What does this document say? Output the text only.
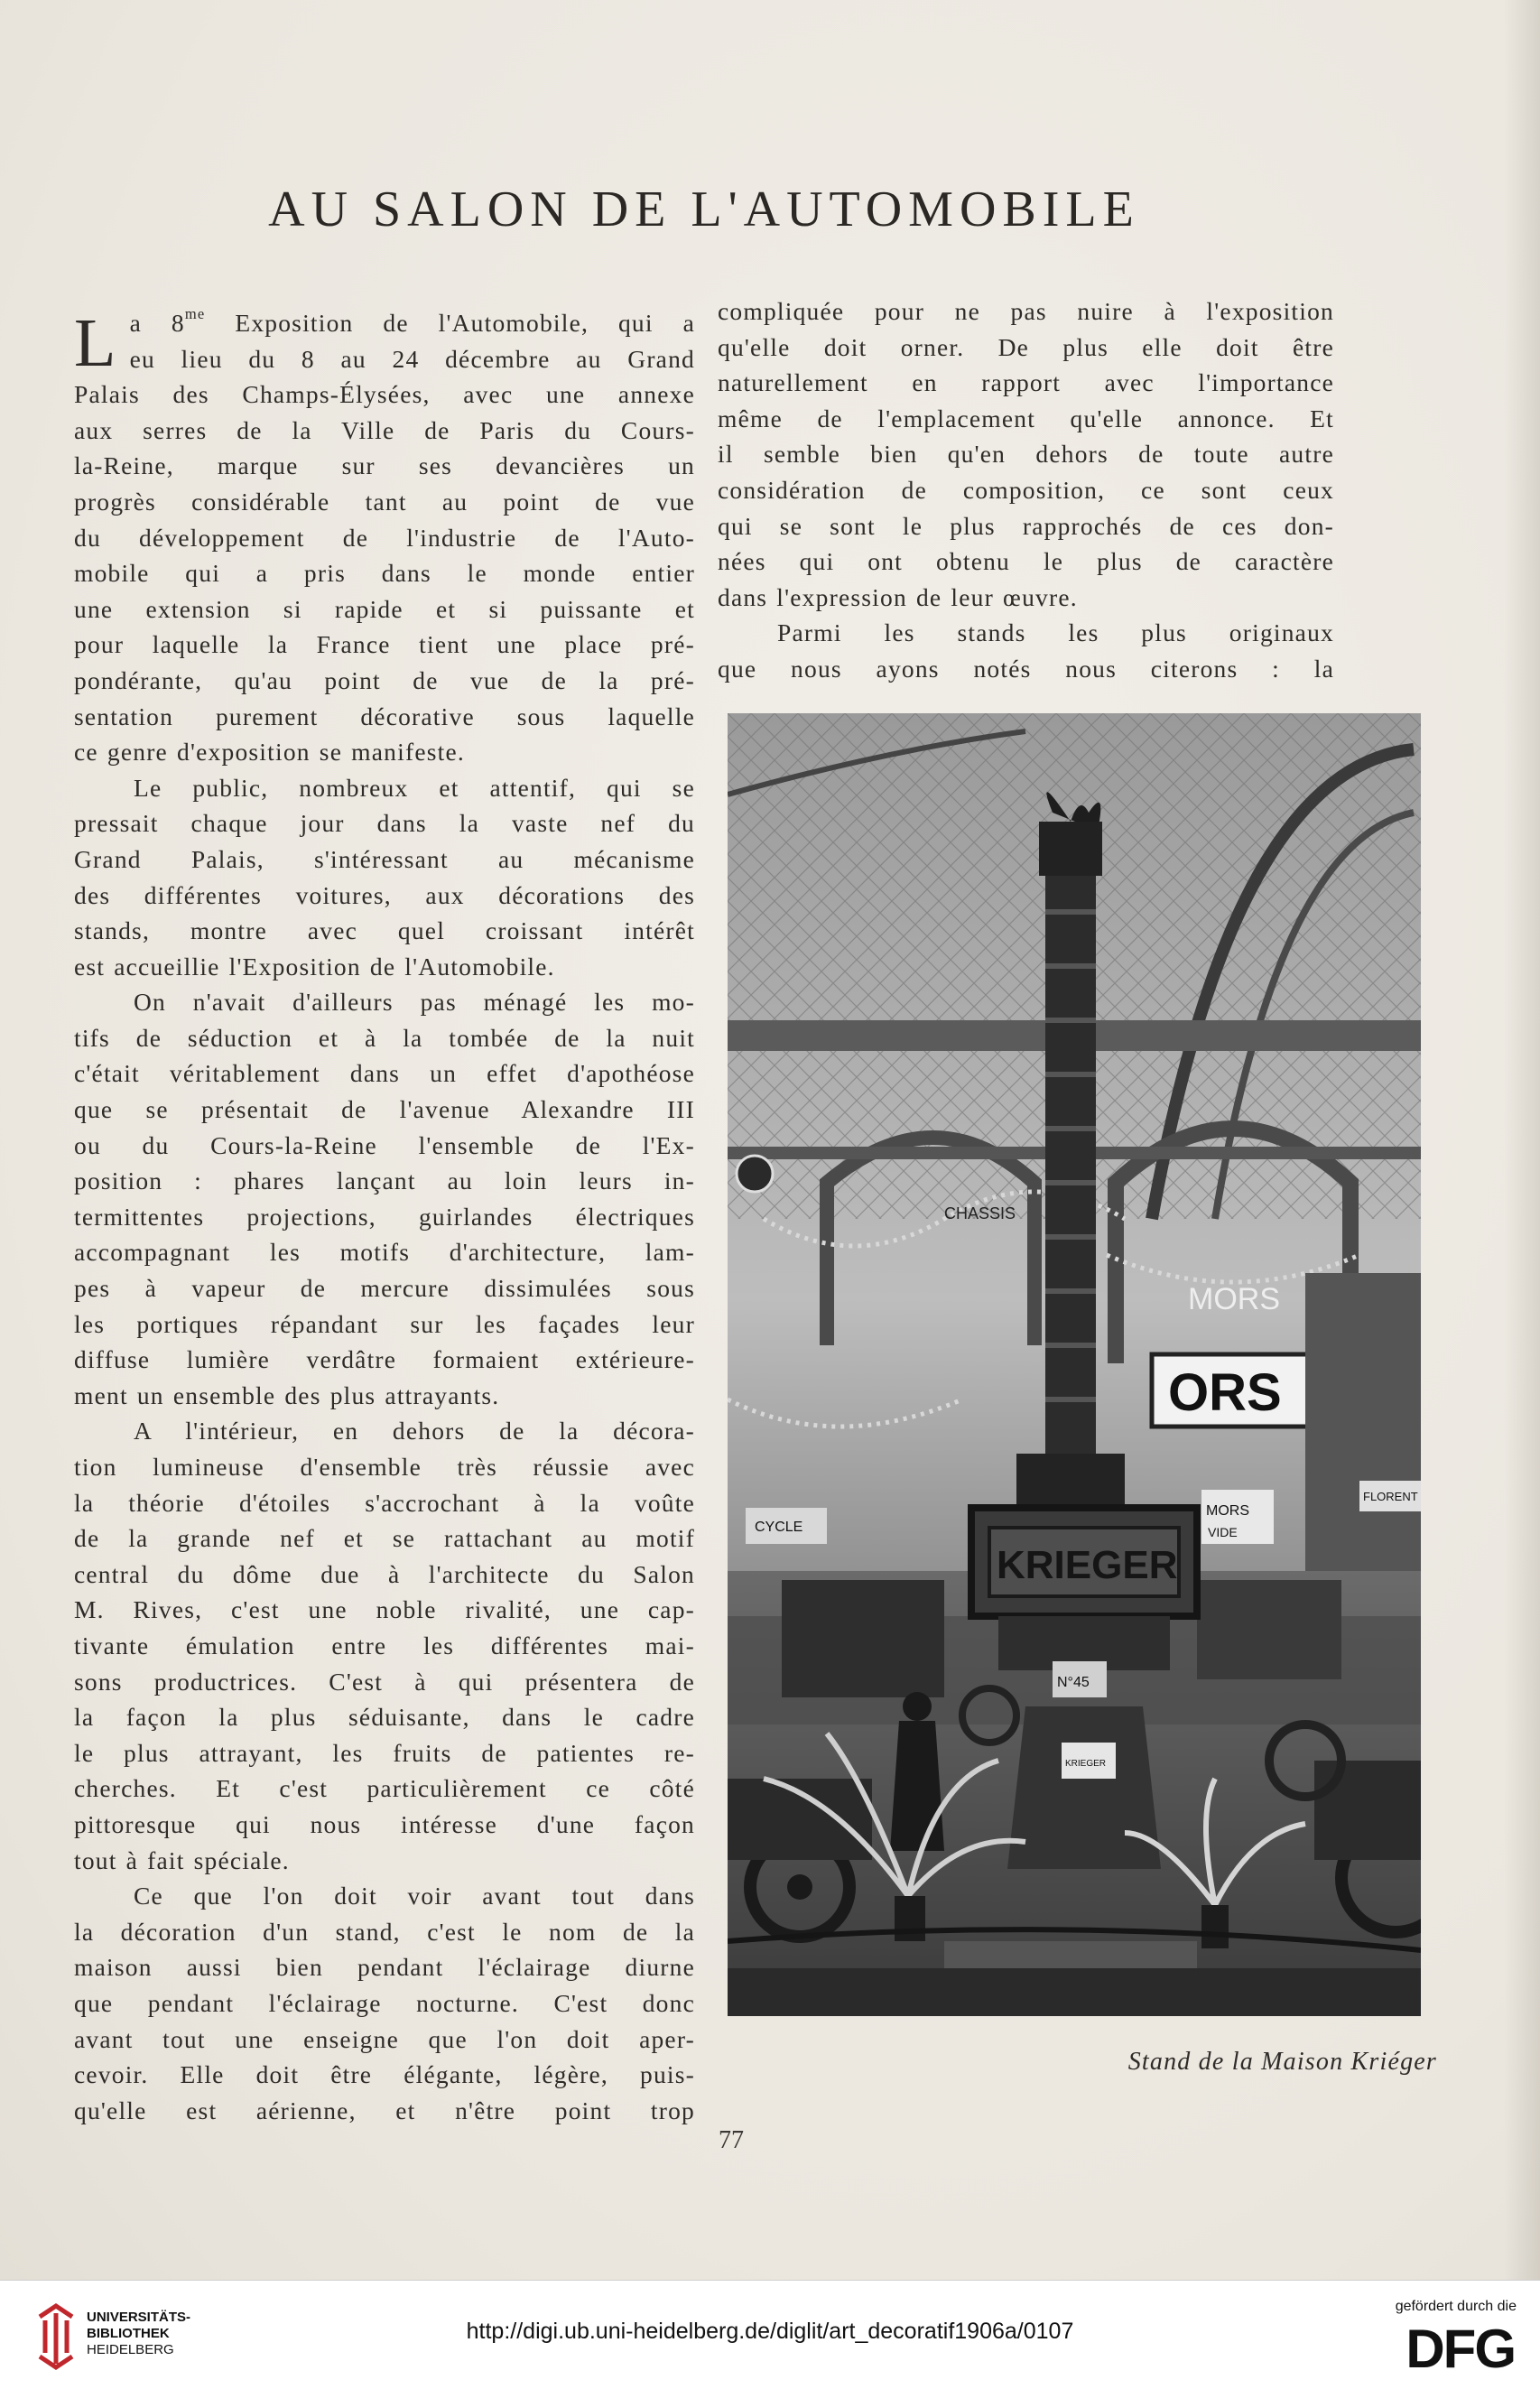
AU SALON DE L'AUTOMOBILE
L a $8^{me}$ Exposition de l'Automobile, qui a
eu lieu du 8 au 24 décembre au Grand
Palais des Champs-Élysées, avec une annexe
aux serres de la Ville de Paris du Cours-
la-Reine, marque sur ses devancières un
progrès considérable tant au point de vue
du développement de l'industrie de l'Auto-
mobile qui a pris dans le monde entier
une extension si rapide et si puissante et
pour laquelle la France tient une place pré-
pondérante, qu'au point de vue de la pré-
sentation purement décorative sous laquelle
ce genre d'exposition se manifeste.
Le public, nombreux et attentif, qui se
pressait chaque jour dans la vaste nef du
Grand Palais, s'intéressant au mécanisme
des différentes voitures, aux décorations des
stands, montre avec quel croissant intérêt
est accueillie l'Exposition de l'Automobile.
On n'avait d'ailleurs pas ménagé les mo-
tifs de séduction et à la tombée de la nuit
c'était véritablement dans un effet d'apothéose
que se présentait de l'avenue Alexandre III
ou du Cours-la-Reine l'ensemble de l'Ex-
position : phares lançant au loin leurs in-
termittentes projections, guirlandes électriques
accompagnant les motifs d'architecture, lam-
pes à vapeur de mercure dissimulées sous
les portiques répandant sur les façades leur
diffuse lumière verdâtre formaient extérieure-
ment un ensemble des plus attrayants.
A l'intérieur, en dehors de la décora-
tion lumineuse d'ensemble très réussie avec
la théorie d'étoiles s'accrochant à la voûte
de la grande nef et se rattachant au motif
central du dôme due à l'architecte du Salon
M. Rives, c'est une noble rivalité, une cap-
tivante émulation entre les différentes mai-
sons productrices. C'est à qui présentera de
la façon la plus séduisante, dans le cadre
le plus attrayant, les fruits de patientes re-
cherches. Et c'est particulièrement ce côté
pittoresque qui nous intéresse d'une façon
tout à fait spéciale.
Ce que l'on doit voir avant tout dans
la décoration d'un stand, c'est le nom de la
maison aussi bien pendant l'éclairage diurne
que pendant l'éclairage nocturne. C'est donc
avant tout une enseigne que l'on doit aper-
cevoir. Elle doit être élégante, légère, puis-
qu'elle est aérienne, et n'être point trop
compliquée pour ne pas nuire à l'exposition
qu'elle doit orner. De plus elle doit être
naturellement en rapport avec l'importance
même de l'emplacement qu'elle annonce. Et
il semble bien qu'en dehors de toute autre
considération de composition, ce sont ceux
qui se sont le plus rapprochés de ces don-
nées qui ont obtenu le plus de caractère
dans l'expression de leur œuvre.
Parmi les stands les plus originaux
que nous ayons notés nous citerons : la
CHASSIS
MORS
ORS
MORS
VIDE
FLORENT
CYCLE
KRIEGER
N°45
KRIEGER
Stand de la Maison Kriéger
77
UNIVERSITÄTS-
BIBLIOTHEK
HEIDELBERG
http://digi.ub.uni-heidelberg.de/diglit/art_decoratif1906a/0107
gefördert durch die
DFG
